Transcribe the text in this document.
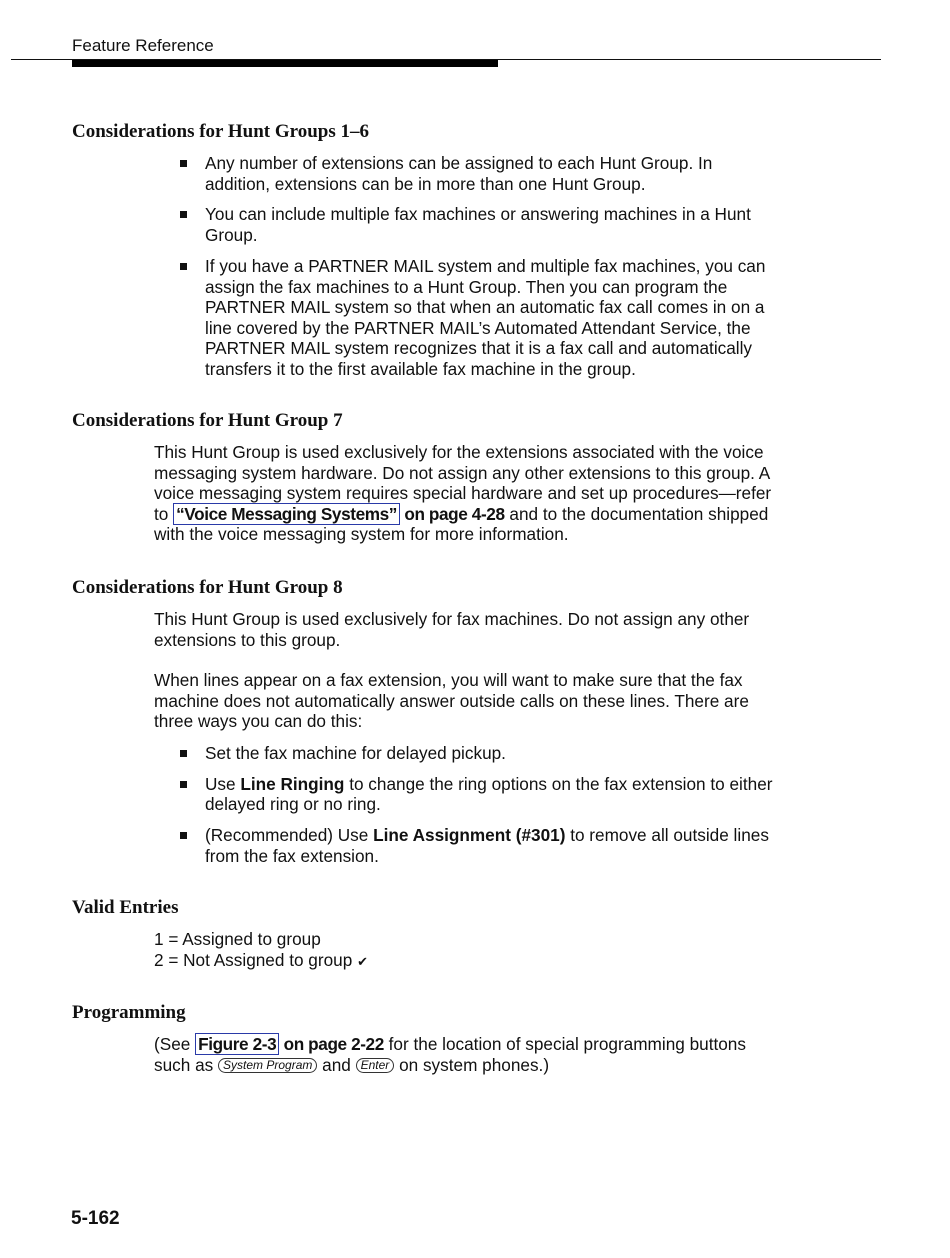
Feature Reference
Considerations for Hunt Groups 1–6
Any number of extensions can be assigned to each Hunt Group. In addition, extensions can be in more than one Hunt Group.
You can include multiple fax machines or answering machines in a Hunt Group.
If you have a PARTNER MAIL system and multiple fax machines, you can assign the fax machines to a Hunt Group. Then you can program the PARTNER MAIL system so that when an automatic fax call comes in on a line covered by the PARTNER MAIL’s Automated Attendant Service, the PARTNER MAIL system recognizes that it is a fax call and automatically transfers it to the first available fax machine in the group.
Considerations for Hunt Group 7

This Hunt Group is used exclusively for the extensions associated with the voice messaging system hardware. Do not assign any other extensions to this group. A voice messaging system requires special hardware and set up procedures—refer to “Voice Messaging Systems” on page 4-28 and to the documentation shipped with the voice messaging system for more information.

Considerations for Hunt Group 8

This Hunt Group is used exclusively for fax machines. Do not assign any other extensions to this group.

When lines appear on a fax extension, you will want to make sure that the fax machine does not automatically answer outside calls on these lines. There are three ways you can do this:

Set the fax machine for delayed pickup.
Use Line Ringing to change the ring options on the fax extension to either delayed ring or no ring.
(Recommended) Use Line Assignment (#301) to remove all outside lines from the fax extension.
Valid Entries

1 = Assigned to group
2 = Not Assigned to group ✔

Programming

(See Figure 2-3 on page 2-22 for the location of special programming buttons such as System Program and Enter on system phones.)

5-162
